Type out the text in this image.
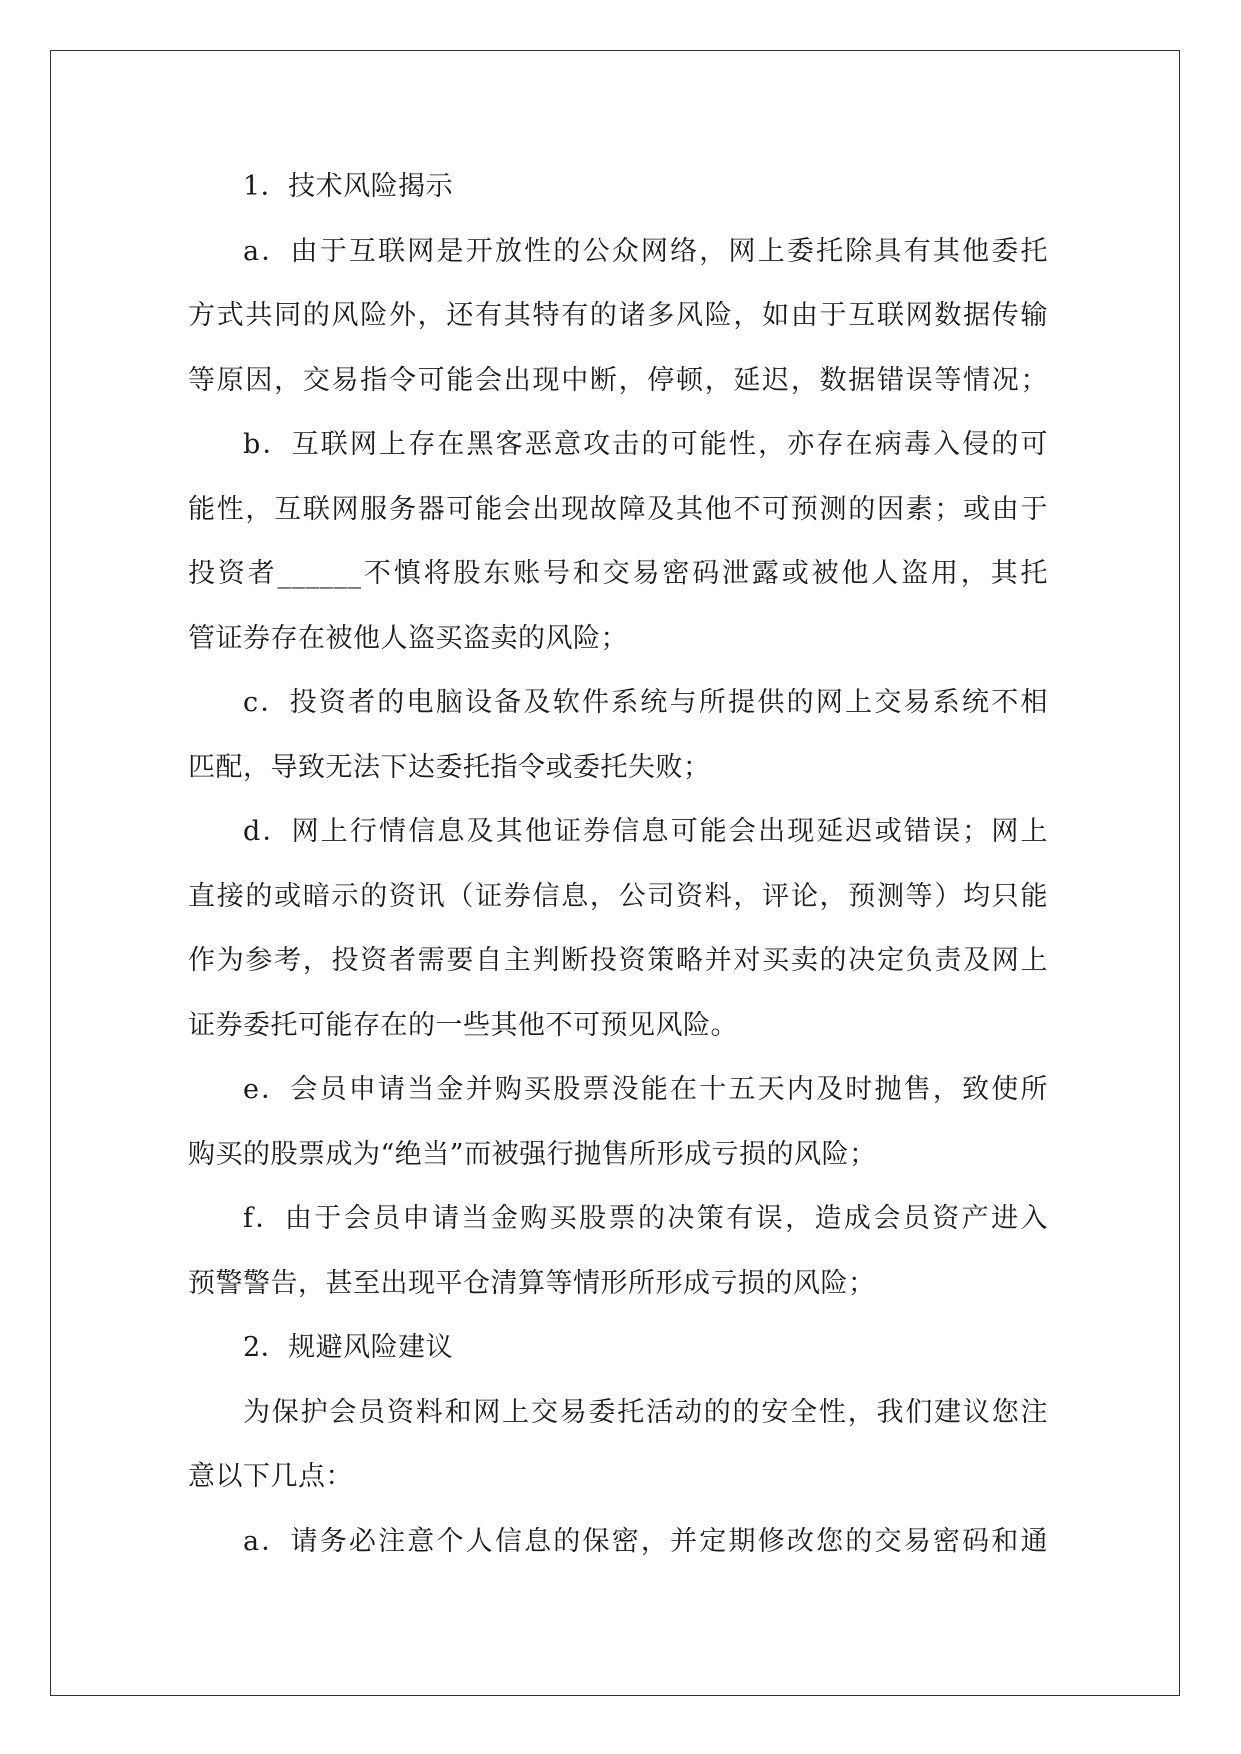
1．技术风险揭示
a．由于互联网是开放性的公众网络，网上委托除具有其他委托
方式共同的风险外，还有其特有的诸多风险，如由于互联网数据传输
等原因，交易指令可能会出现中断，停顿，延迟，数据错误等情况；
b．互联网上存在黑客恶意攻击的可能性，亦存在病毒入侵的可
能性，互联网服务器可能会出现故障及其他不可预测的因素；或由于
投资者______不慎将股东账号和交易密码泄露或被他人盗用，其托
管证券存在被他人盗买盗卖的风险；
c．投资者的电脑设备及软件系统与所提供的网上交易系统不相
匹配，导致无法下达委托指令或委托失败；
d．网上行情信息及其他证券信息可能会出现延迟或错误；网上
直接的或暗示的资讯（证券信息，公司资料，评论，预测等）均只能
作为参考，投资者需要自主判断投资策略并对买卖的决定负责及网上
证券委托可能存在的一些其他不可预见风险。
e．会员申请当金并购买股票没能在十五天内及时抛售，致使所
购买的股票成为“绝当”而被强行抛售所形成亏损的风险；
f．由于会员申请当金购买股票的决策有误，造成会员资产进入
预警警告，甚至出现平仓清算等情形所形成亏损的风险；
2．规避风险建议
为保护会员资料和网上交易委托活动的的安全性，我们建议您注
意以下几点：
a．请务必注意个人信息的保密，并定期修改您的交易密码和通
